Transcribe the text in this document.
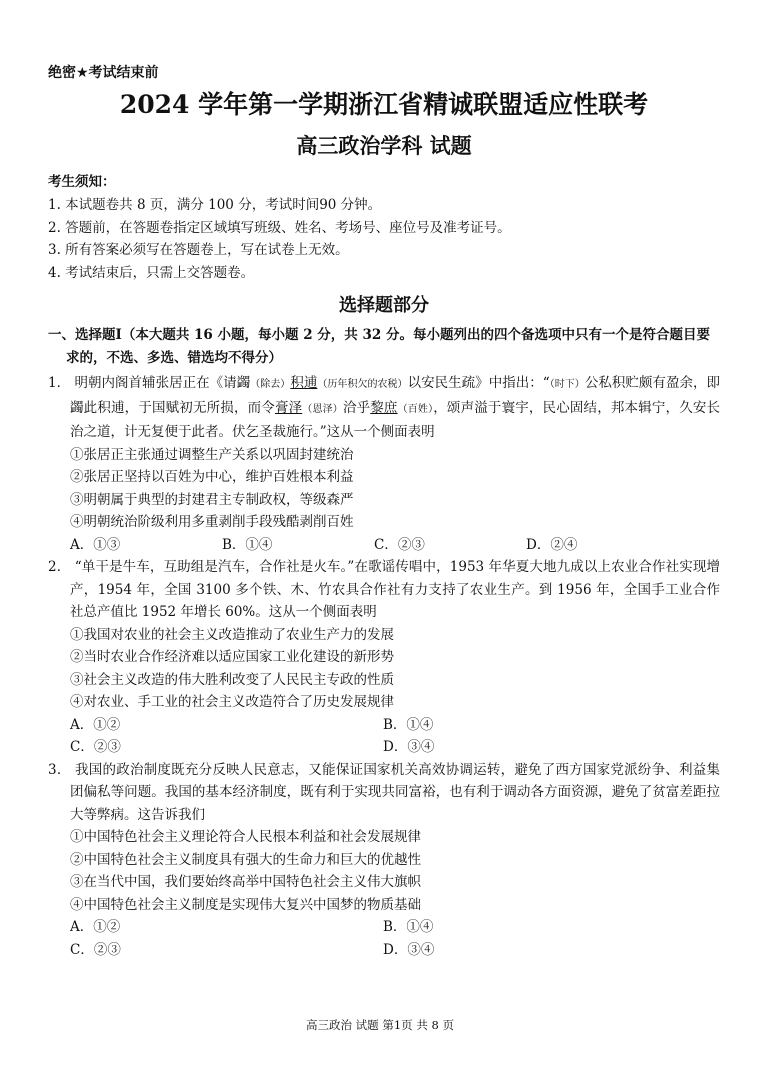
绝密★考试结束前
2024 学年第一学期浙江省精诚联盟适应性联考
高三政治学科 试题
考生须知：
1. 本试题卷共 8 页，满分 100 分，考试时间90 分钟。
2. 答题前，在答题卷指定区域填写班级、姓名、考场号、座位号及准考证号。
3. 所有答案必须写在答题卷上，写在试卷上无效。
4. 考试结束后，只需上交答题卷。
选择题部分
一、选择题Ⅰ（本大题共 16 小题，每小题 2 分，共 32 分。每小题列出的四个备选项中只有一个是符合题目要求的，不选、多选、错选均不得分）
1． 明朝内阁首辅张居正在《请蠲（除去）积逋（历年积欠的农税）以安民生疏》中指出：“（时下）公私积贮颇有盈余，即蠲此积逋，于国赋初无所损，而令膏泽（恩泽）洽乎黎庶（百姓），颂声溢于寰宇，民心固结，邦本辑宁，久安长治之道，计无复便于此者。伏乞圣裁施行。”这从一个侧面表明
①张居正主张通过调整生产关系以巩固封建统治
②张居正坚持以百姓为中心，维护百姓根本利益
③明朝属于典型的封建君主专制政权，等级森严
④明朝统治阶级利用多重剥削手段残酷剥削百姓
A．①③	B．①④	C．②③	D．②④
2． “单干是牛车，互助组是汽车，合作社是火车。”在歌谣传唱中，1953 年华夏大地九成以上农业合作社实现增产，1954 年，全国 3100 多个铁、木、竹农具合作社有力支持了农业生产。到 1956 年，全国手工业合作社总产值比 1952 年增长 60%。这从一个侧面表明
①我国对农业的社会主义改造推动了农业生产力的发展
②当时农业合作经济难以适应国家工业化建设的新形势
③社会主义改造的伟大胜利改变了人民民主专政的性质
④对农业、手工业的社会主义改造符合了历史发展规律
A．①②	B．①④
C．②③	D．③④
3． 我国的政治制度既充分反映人民意志，又能保证国家机关高效协调运转，避免了西方国家党派纷争、利益集团偏私等问题。我国的基本经济制度，既有利于实现共同富裕，也有利于调动各方面资源，避免了贫富差距拉大等弊病。这告诉我们
①中国特色社会主义理论符合人民根本利益和社会发展规律
②中国特色社会主义制度具有强大的生命力和巨大的优越性
③在当代中国，我们要始终高举中国特色社会主义伟大旗帜
④中国特色社会主义制度是实现伟大复兴中国梦的物质基础
A．①②	B．①④
C．②③	D．③④
高三政治 试题 第1页 共 8 页
